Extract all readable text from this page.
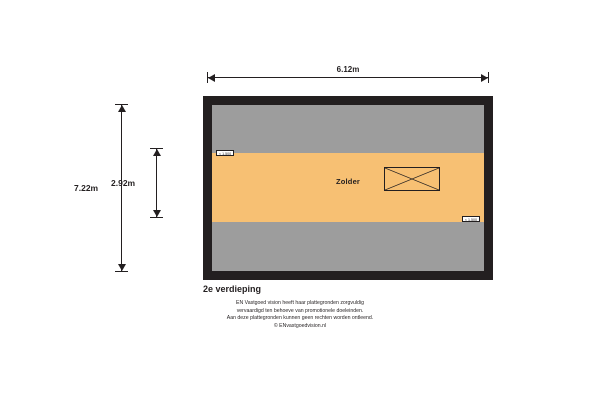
6.12m
7.22m 2.92m	Zolder
< 1,500
< 1,500
2e verdieping
EN Vastgoed vision heeft haar plattegronden zorgvuldig
vervaardigd ten behoeve van promotionele doeleinden.
Aan deze plattegronden kunnen geen rechten worden ontleend.
© ENvastgoedvision.nl
